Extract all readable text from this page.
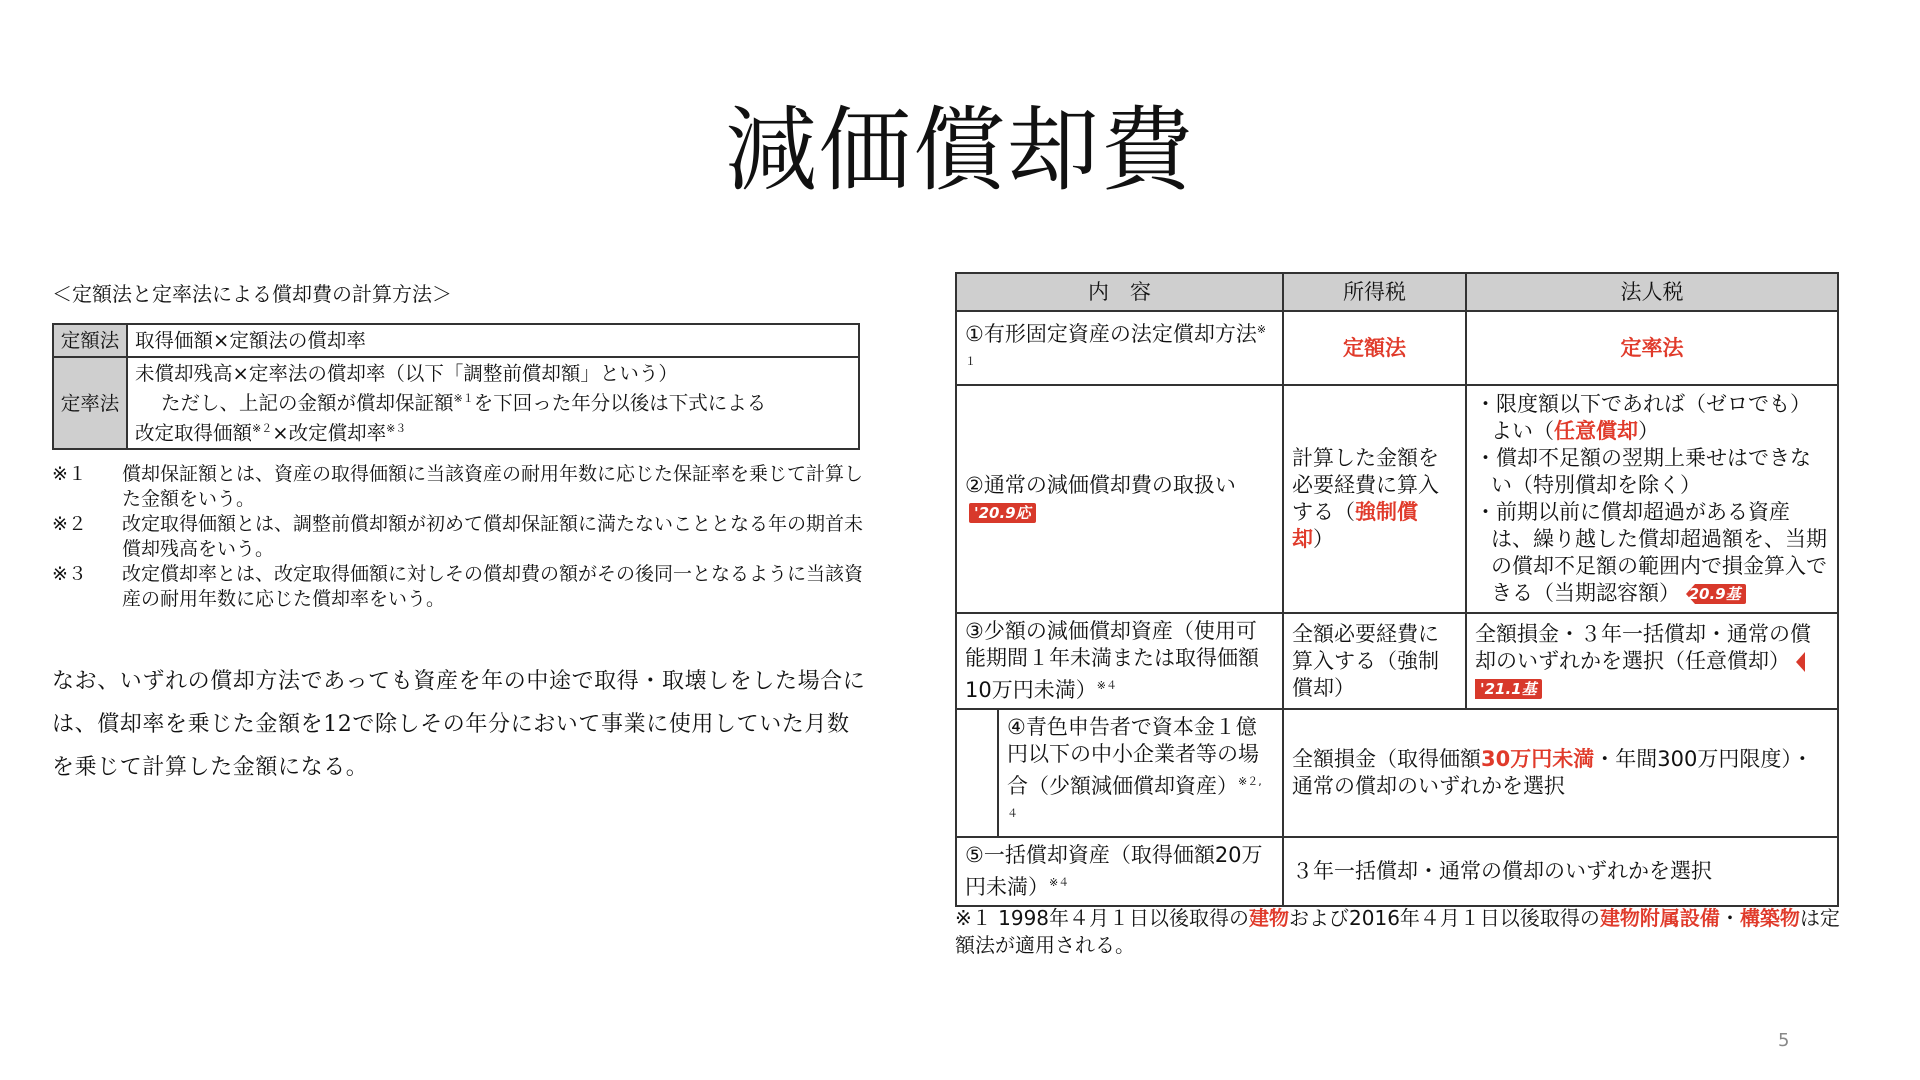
減価償却費
＜定額法と定率法による償却費の計算方法＞
定額法	取得価額×定額法の償却率
定率法	未償却残高×定率法の償却率（以下「調整前償却額」という）
ただし、上記の金額が償却保証額$^{※1}$を下回った年分以後は下式による
改定取得価額$^{※2}$×改定償却率$^{※3}$
※１	償却保証額とは、資産の取得価額に当該資産の耐用年数に応じた保証率を乗じて計算した金額をいう。
※２	改定取得価額とは、調整前償却額が初めて償却保証額に満たないこととなる年の期首未償却残高をいう。
※３	改定償却率とは、改定取得価額に対しその償却費の額がその後同一となるように当該資産の耐用年数に応じた償却率をいう。
なお、いずれの償却方法であっても資産を年の中途で取得・取壊しをした場合には、償却率を乗じた金額を12で除しその年分において事業に使用していた月数を乗じて計算した金額になる。
内　容	所得税	法人税
①有形固定資産の法定償却方法$^{※1}$	定額法	定率法
②通常の減価償却費の取扱い'20.9応	計算した金額を必要経費に算入する（強制償却）	・限度額以下であれば（ゼロでも）よい（任意償却）
・償却不足額の翌期上乗せはできない（特別償却を除く）
・前期以前に償却超過がある資産は、繰り越した償却超過額を、当期の償却不足額の範囲内で損金算入できる（当期認容額） '20.9基

③少額の減価償却資産（使用可能期間１年未満または取得価額10万円未満）$^{※4}$	全額必要経費に算入する（強制償却）	全額損金・３年一括償却・通常の償却のいずれかを選択（任意償却）'21.1基

④青色申告者で資本金１億円以下の中小企業者等の場合（少額減価償却資産）$^{※2, 4}$	全額損金（取得価額30万円未満・年間300万円限度）・通常の償却のいずれかを選択	
⑤一括償却資産（取得価額20万円未満）$^{※4}$	３年一括償却・通常の償却のいずれかを選択	
※１ 1998年４月１日以後取得の建物および2016年４月１日以後取得の建物附属設備・構築物は定額法が適用される。
5
